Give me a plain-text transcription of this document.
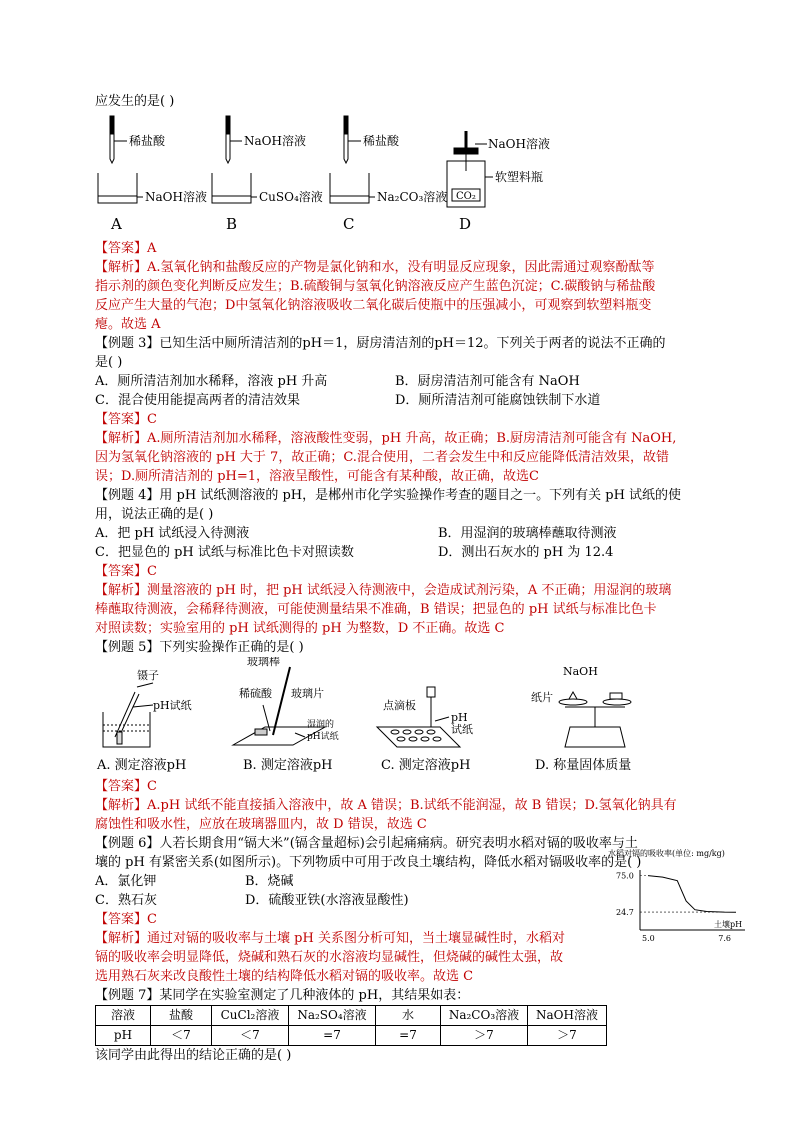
应发生的是( )
稀盐酸
NaOH溶液
A
NaOH溶液
CuSO₄溶液
B
稀盐酸
Na₂CO₃溶液
C
NaOH溶液
软塑料瓶
CO₂
D
【答案】A
【解析】A.氢氧化钠和盐酸反应的产物是氯化钠和水，没有明显反应现象，因此需通过观察酚酞等
指示剂的颜色变化判断反应发生；B.硫酸铜与氢氧化钠溶液反应产生蓝色沉淀；C.碳酸钠与稀盐酸
反应产生大量的气泡；D中氢氧化钠溶液吸收二氧化碳后使瓶中的压强减小，可观察到软塑料瓶变
瘪。故选 A
【例题 3】已知生活中厕所清洁剂的pH＝1，厨房清洁剂的pH＝12。下列关于两者的说法不正确的
是( )
A．厕所清洁剂加水稀释，溶液 pH 升高	B．厨房清洁剂可能含有 NaOH
C．混合使用能提高两者的清洁效果	D．厕所清洁剂可能腐蚀铁制下水道
【答案】C
【解析】A.厕所清洁剂加水稀释，溶液酸性变弱，pH 升高，故正确；B.厨房清洁剂可能含有 NaOH,
因为氢氧化钠溶液的 pH 大于 7，故正确；C.混合使用，二者会发生中和反应能降低清洁效果，故错
误；D.厕所清洁剂的 pH=1，溶液呈酸性，可能含有某种酸，故正确，故选C
【例题 4】用 pH 试纸测溶液的 pH，是郴州市化学实验操作考查的题目之一。下列有关 pH 试纸的使
用，说法正确的是( )
A．把 pH 试纸浸入待测液	B．用湿润的玻璃棒蘸取待测液
C．把显色的 pH 试纸与标准比色卡对照读数	D．测出石灰水的 pH 为 12.4
【答案】C
【解析】测量溶液的 pH 时，把 pH 试纸浸入待测液中，会造成试剂污染，A 不正确；用湿润的玻璃
棒蘸取待测液，会稀释待测液，可能使测量结果不准确，B 错误；把显色的 pH 试纸与标准比色卡
对照读数；实验室用的 pH 试纸测得的 pH 为整数，D 不正确。故选 C
【例题 5】下列实验操作正确的是( )
镊子
pH试纸
A. 测定溶液pH
玻璃棒
稀硫酸 玻璃片
湿润的
pH试纸
B. 测定溶液pH
点滴板
pH
试纸
C. 测定溶液pH
NaOH
纸片
D. 称量固体质量
【答案】C
【解析】A.pH 试纸不能直接插入溶液中，故 A 错误；B.试纸不能润湿，故 B 错误；D.氢氧化钠具有
腐蚀性和吸水性，应放在玻璃器皿内，故 D 错误，故选 C
【例题 6】人若长期食用“镉大米”(镉含量超标)会引起痛痛病。研究表明水稻对镉的吸收率与土
壤的 pH 有紧密关系(如图所示)。下列物质中可用于改良土壤结构，降低水稻对镉吸收率的是( )
A．氯化钾	B．烧碱
C．熟石灰	D．硫酸亚铁(水溶液显酸性)
【答案】C
【解析】通过对镉的吸收率与土壤 pH 关系图分析可知，当土壤显碱性时，水稻对
镉的吸收率会明显降低，烧碱和熟石灰的水溶液均显碱性，但烧碱的碱性太强，故
选用熟石灰来改良酸性土壤的结构降低水稻对镉的吸收率。故选 C
【例题 7】某同学在实验室测定了几种液体的 pH，其结果如表：
溶液	盐酸	CuCl₂溶液	Na₂SO₄溶液	水	Na₂CO₃溶液	NaOH溶液
pH	＜7	＜7	=7	=7	＞7	＞7
该同学由此得出的结论正确的是( )
水稻对镉的吸收率(单位: mg/kg)
75.0
24.7
5.0	7.6
土壤pH
